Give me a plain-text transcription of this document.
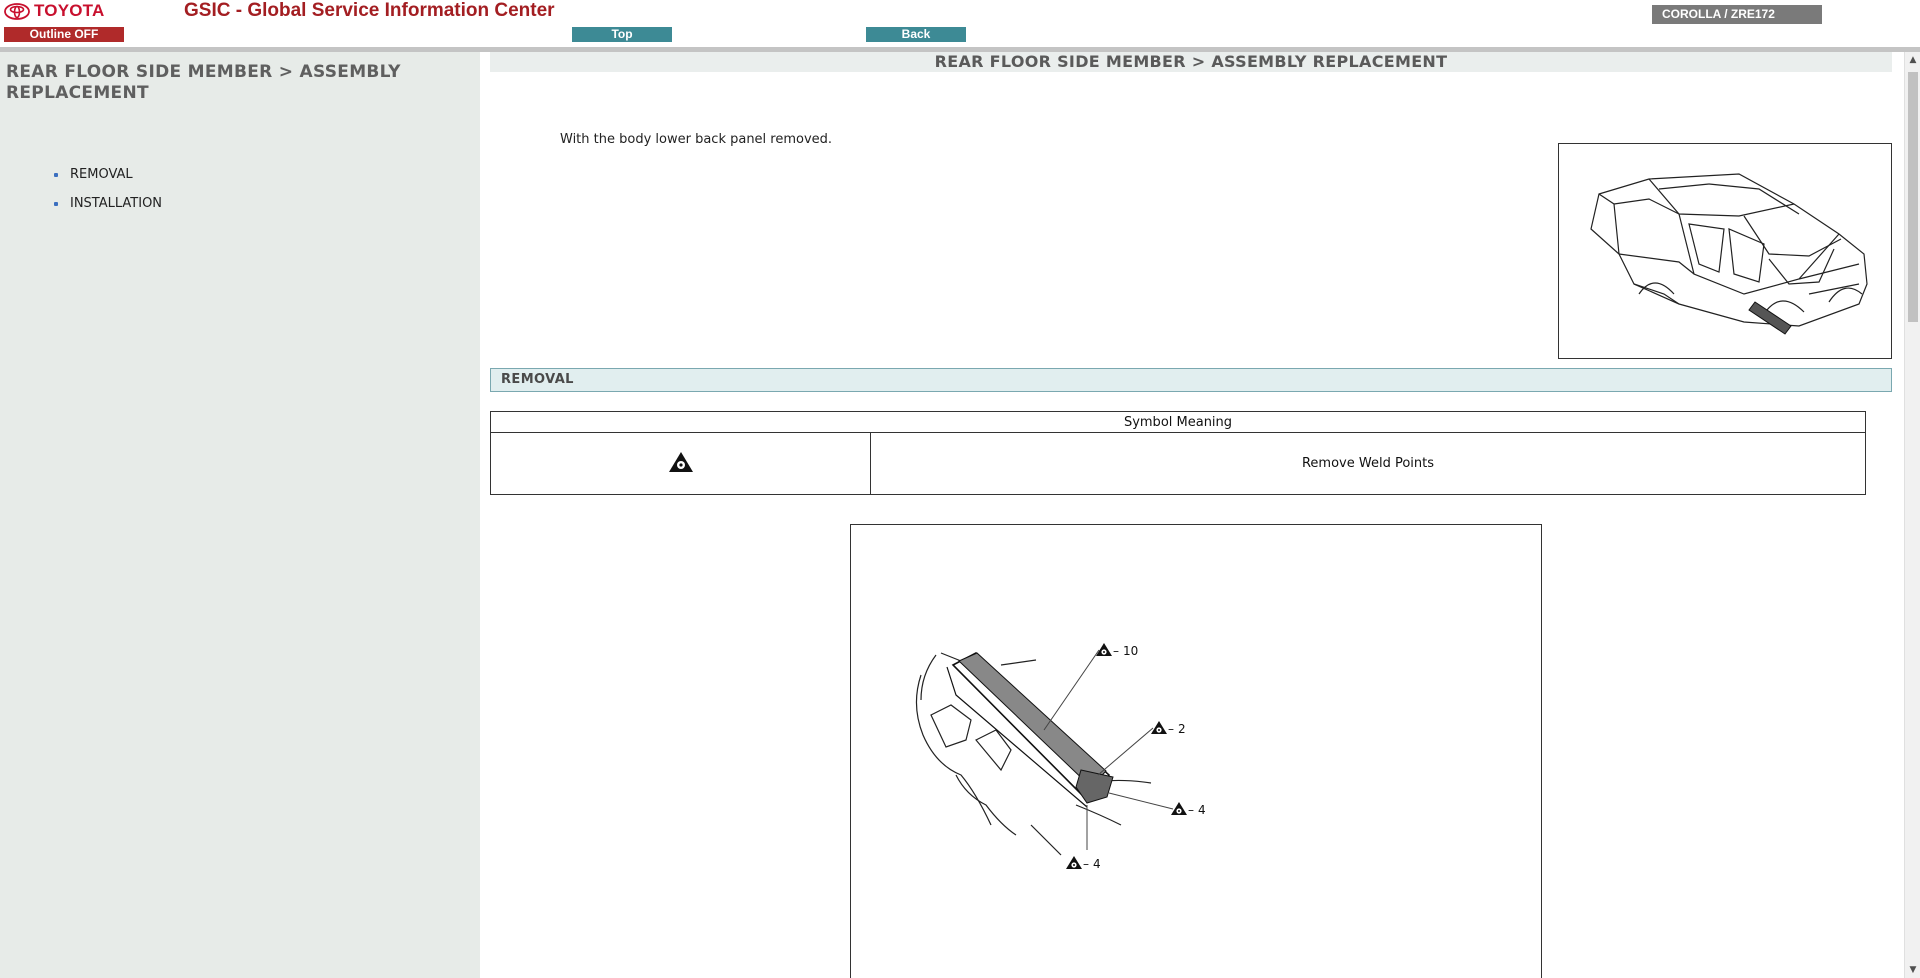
TOYOTA	GSIC - Global Service Information Center
Outline OFF	Top	Back
COROLLA / ZRE172
REAR FLOOR SIDE MEMBER > ASSEMBLY REPLACEMENT
REMOVAL
INSTALLATION
REAR FLOOR SIDE MEMBER > ASSEMBLY REPLACEMENT
With the body lower back panel removed.
REMOVAL
Symbol Meaning
	Remove Weld Points
– 10
– 2
– 4
– 4
▲
▼
